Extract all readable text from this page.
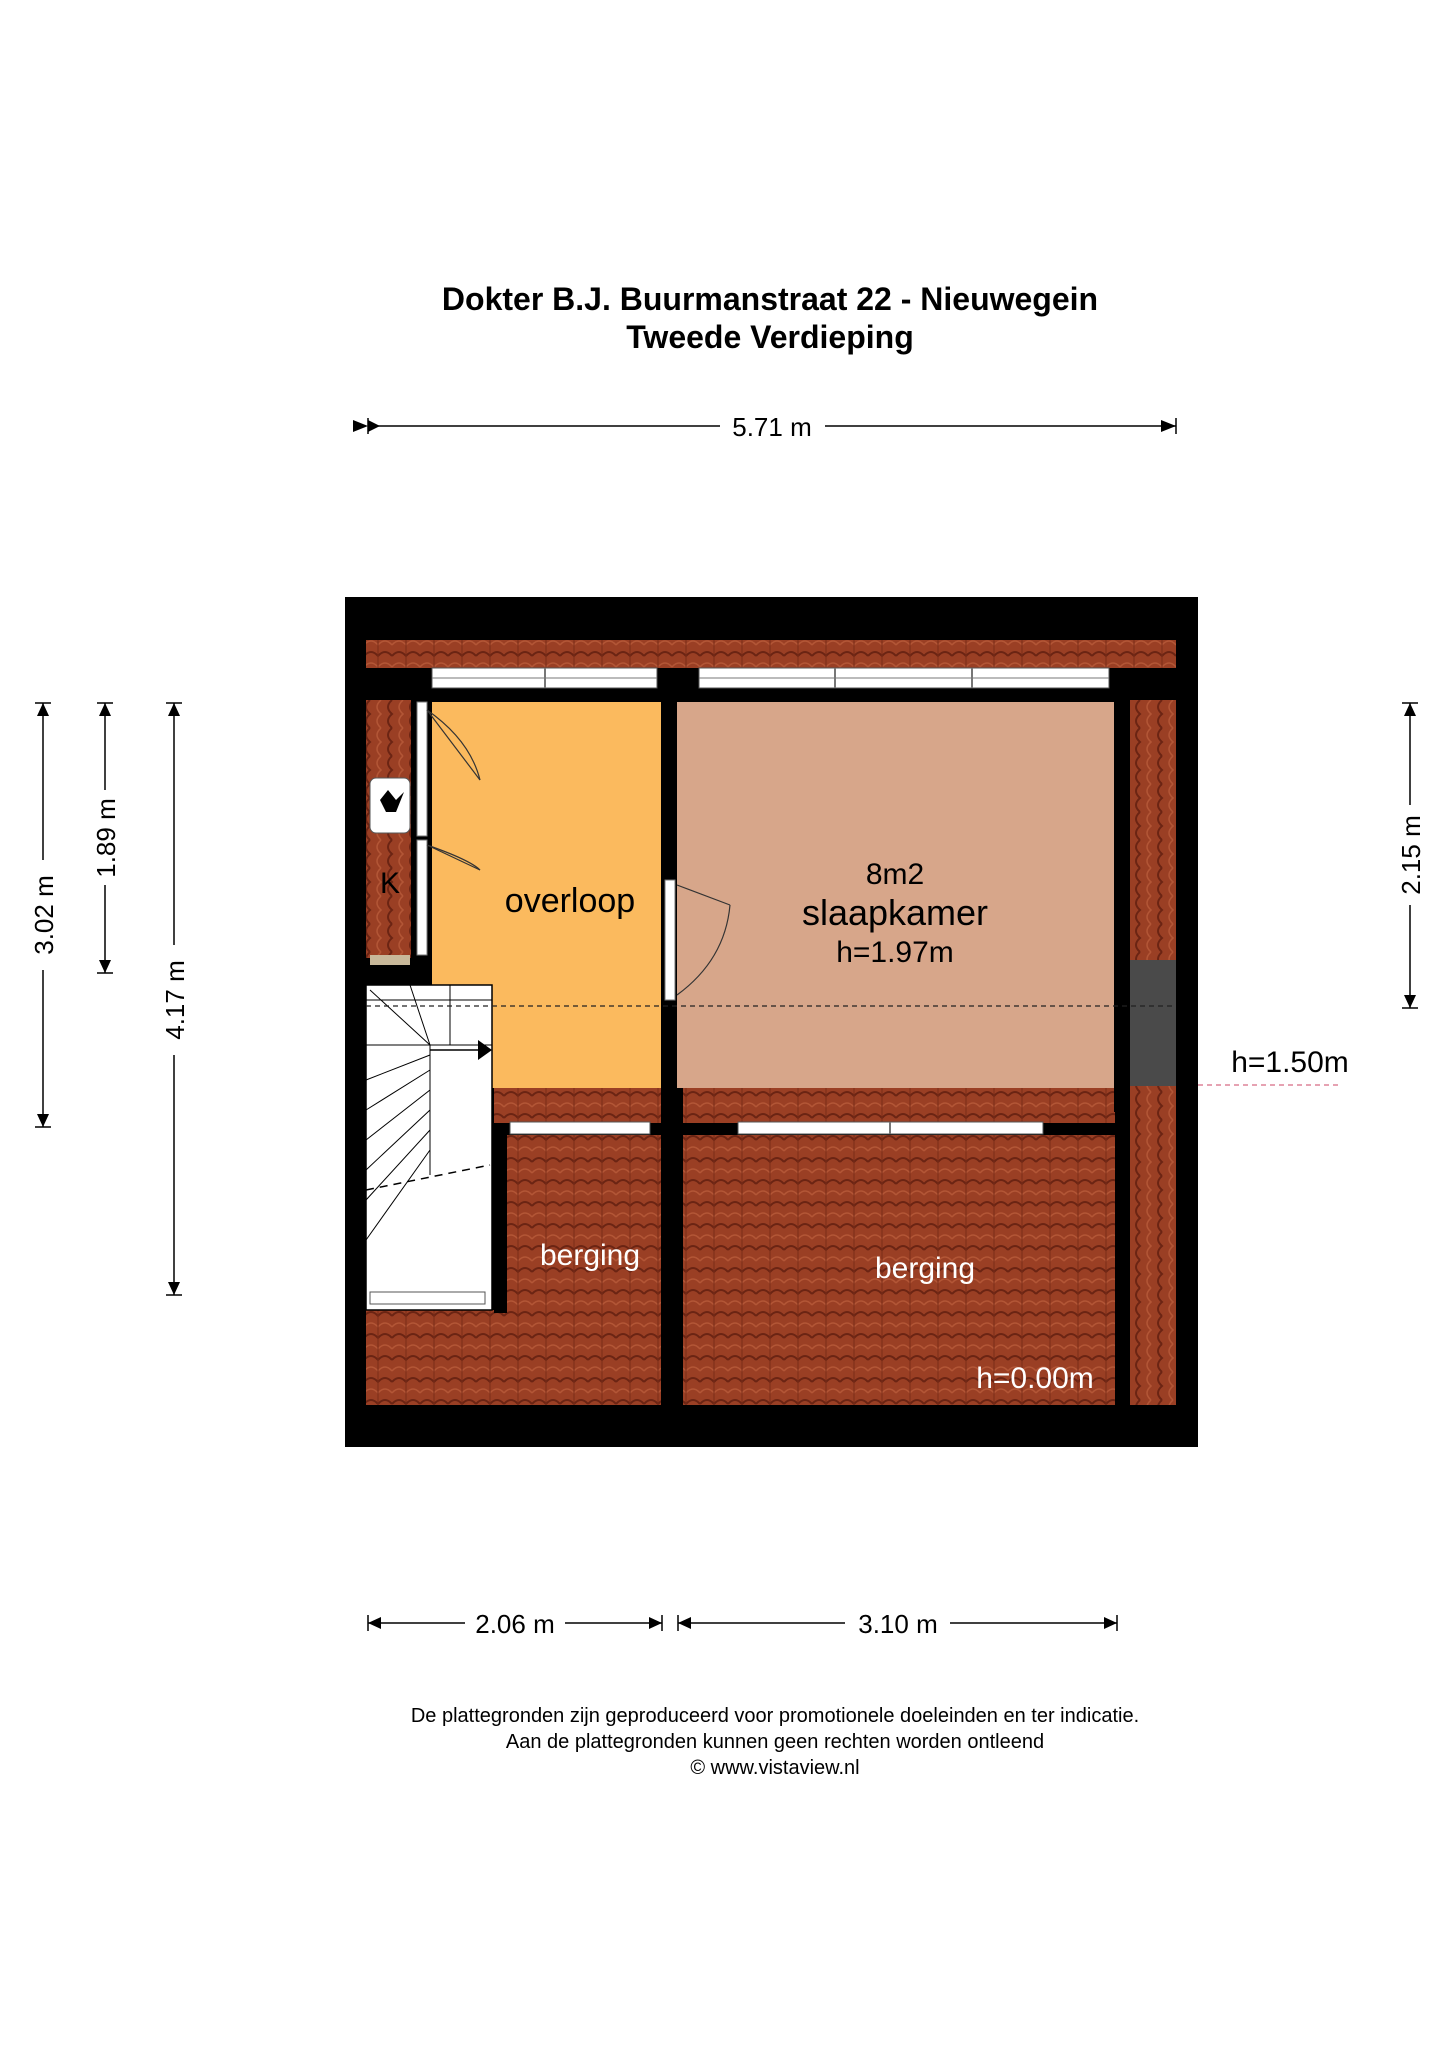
Dokter B.J. Buurmanstraat 22 - Nieuwegein
Tweede Verdieping
K	overloop
8m2
slaapkamer
h=1.97m
berging	berging
h=0.00m
h=1.50m
5.71 m
3.02 m
1.89 m
4.17 m
2.15 m
2.06 m	3.10 m
De plattegronden zijn geproduceerd voor promotionele doeleinden en ter indicatie.
Aan de plattegronden kunnen geen rechten worden ontleend
© www.vistaview.nl
